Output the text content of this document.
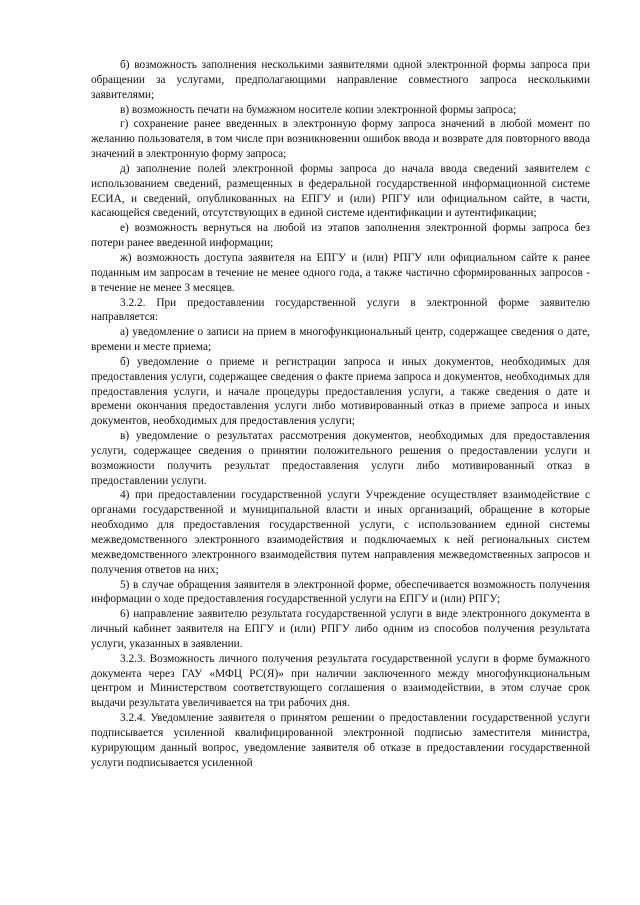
б) возможность заполнения несколькими заявителями одной электронной формы запроса при обращении за услугами, предполагающими направление совместного запроса несколькими заявителями;

в) возможность печати на бумажном носителе копии электронной формы запроса;

г) сохранение ранее введенных в электронную форму запроса значений в любой момент по желанию пользователя, в том числе при возникновении ошибок ввода и возврате для повторного ввода значений в электронную форму запроса;

д) заполнение полей электронной формы запроса до начала ввода сведений заявителем с использованием сведений, размещенных в федеральной государственной информационной системе ЕСИА, и сведений, опубликованных на ЕПГУ и (или) РПГУ или официальном сайте, в части, касающейся сведений, отсутствующих в единой системе идентификации и аутентификации;

е) возможность вернуться на любой из этапов заполнения электронной формы запроса без потери ранее введенной информации;

ж) возможность доступа заявителя на ЕПГУ и (или) РПГУ или официальном сайте к ранее поданным им запросам в течение не менее одного года, а также частично сформированных запросов - в течение не менее 3 месяцев.

3.2.2. При предоставлении государственной услуги в электронной форме заявителю направляется:

а) уведомление о записи на прием в многофункциональный центр, содержащее сведения о дате, времени и месте приема;

б) уведомление о приеме и регистрации запроса и иных документов, необходимых для предоставления услуги, содержащее сведения о факте приема запроса и документов, необходимых для предоставления услуги, и начале процедуры предоставления услуги, а также сведения о дате и времени окончания предоставления услуги либо мотивированный отказ в приеме запроса и иных документов, необходимых для предоставления услуги;

в) уведомление о результатах рассмотрения документов, необходимых для предоставления услуги, содержащее сведения о принятии положительного решения о предоставлении услуги и возможности получить результат предоставления услуги либо мотивированный отказ в предоставлении услуги.

4) при предоставлении государственной услуги Учреждение осуществляет взаимодействие с органами государственной и муниципальной власти и иных организаций, обращение в которые необходимо для предоставления государственной услуги, с использованием единой системы межведомственного электронного взаимодействия и подключаемых к ней региональных систем межведомственного электронного взаимодействия путем направления межведомственных запросов и получения ответов на них;

5) в случае обращения заявителя в электронной форме, обеспечивается возможность получения информации о ходе предоставления государственной услуги на ЕПГУ и (или) РПГУ;

6) направление заявителю результата государственной услуги в виде электронного документа в личный кабинет заявителя на ЕПГУ и (или) РПГУ либо одним из способов получения результата услуги, указанных в заявлении.

3.2.3. Возможность личного получения результата государственной услуги в форме бумажного документа через ГАУ «МФЦ РС(Я)» при наличии заключенного между многофункциональным центром и Министерством соответствующего соглашения о взаимодействии, в этом случае срок выдачи результата увеличивается на три рабочих дня.

3.2.4. Уведомление заявителя о принятом решении о предоставлении государственной услуги подписывается усиленной квалифицированной электронной подписью заместителя министра, курирующим данный вопрос, уведомление заявителя об отказе в предоставлении государственной услуги подписывается усиленной
